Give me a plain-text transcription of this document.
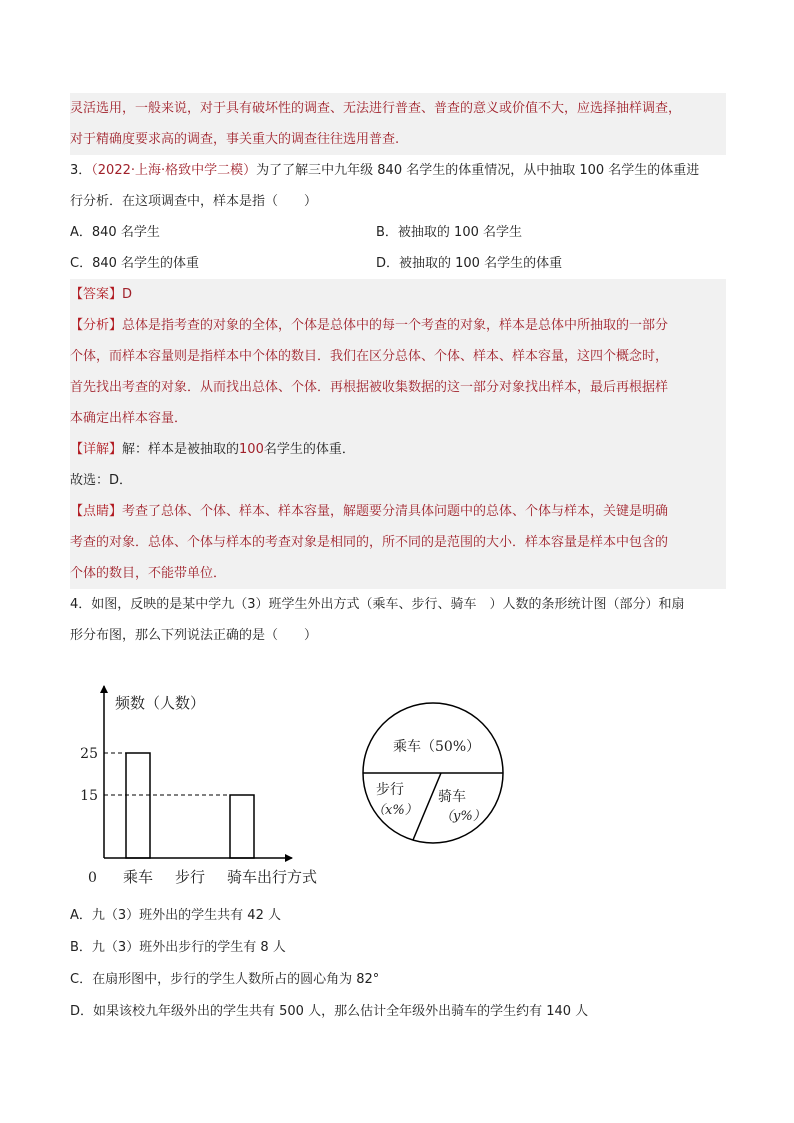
灵活选用，一般来说，对于具有破坏性的调查、无法进行普查、普查的意义或价值不大，应选择抽样调查，
对于精确度要求高的调查，事关重大的调查往往选用普查.
3．（2022·上海·格致中学二模）为了了解三中九年级 840 名学生的体重情况，从中抽取 100 名学生的体重进
行分析．在这项调查中，样本是指（　　）
A．840 名学生	B．被抽取的 100 名学生
C．840 名学生的体重	D．被抽取的 100 名学生的体重
【答案】D
【分析】总体是指考查的对象的全体，个体是总体中的每一个考查的对象，样本是总体中所抽取的一部分
个体，而样本容量则是指样本中个体的数目．我们在区分总体、个体、样本、样本容量，这四个概念时，
首先找出考查的对象．从而找出总体、个体．再根据被收集数据的这一部分对象找出样本，最后再根据样
本确定出样本容量．
【详解】解：样本是被抽取的100名学生的体重．
故选：D．
【点睛】考查了总体、个体、样本、样本容量，解题要分清具体问题中的总体、个体与样本，关键是明确
考查的对象．总体、个体与样本的考查对象是相同的，所不同的是范围的大小．样本容量是样本中包含的
个体的数目，不能带单位．
4．如图，反映的是某中学九（3）班学生外出方式（乘车、步行、骑车　）人数的条形统计图（部分）和扇
形分布图，那么下列说法正确的是（　　）
频数（人数）
0	出行方式
乘车 步行 骑车
25
15
乘车（50%）
步行
（x%）
骑车
（y%）
A．九（3）班外出的学生共有 42 人
B．九（3）班外出步行的学生有 8 人
C．在扇形图中，步行的学生人数所占的圆心角为 82°
D．如果该校九年级外出的学生共有 500 人，那么估计全年级外出骑车的学生约有 140 人
